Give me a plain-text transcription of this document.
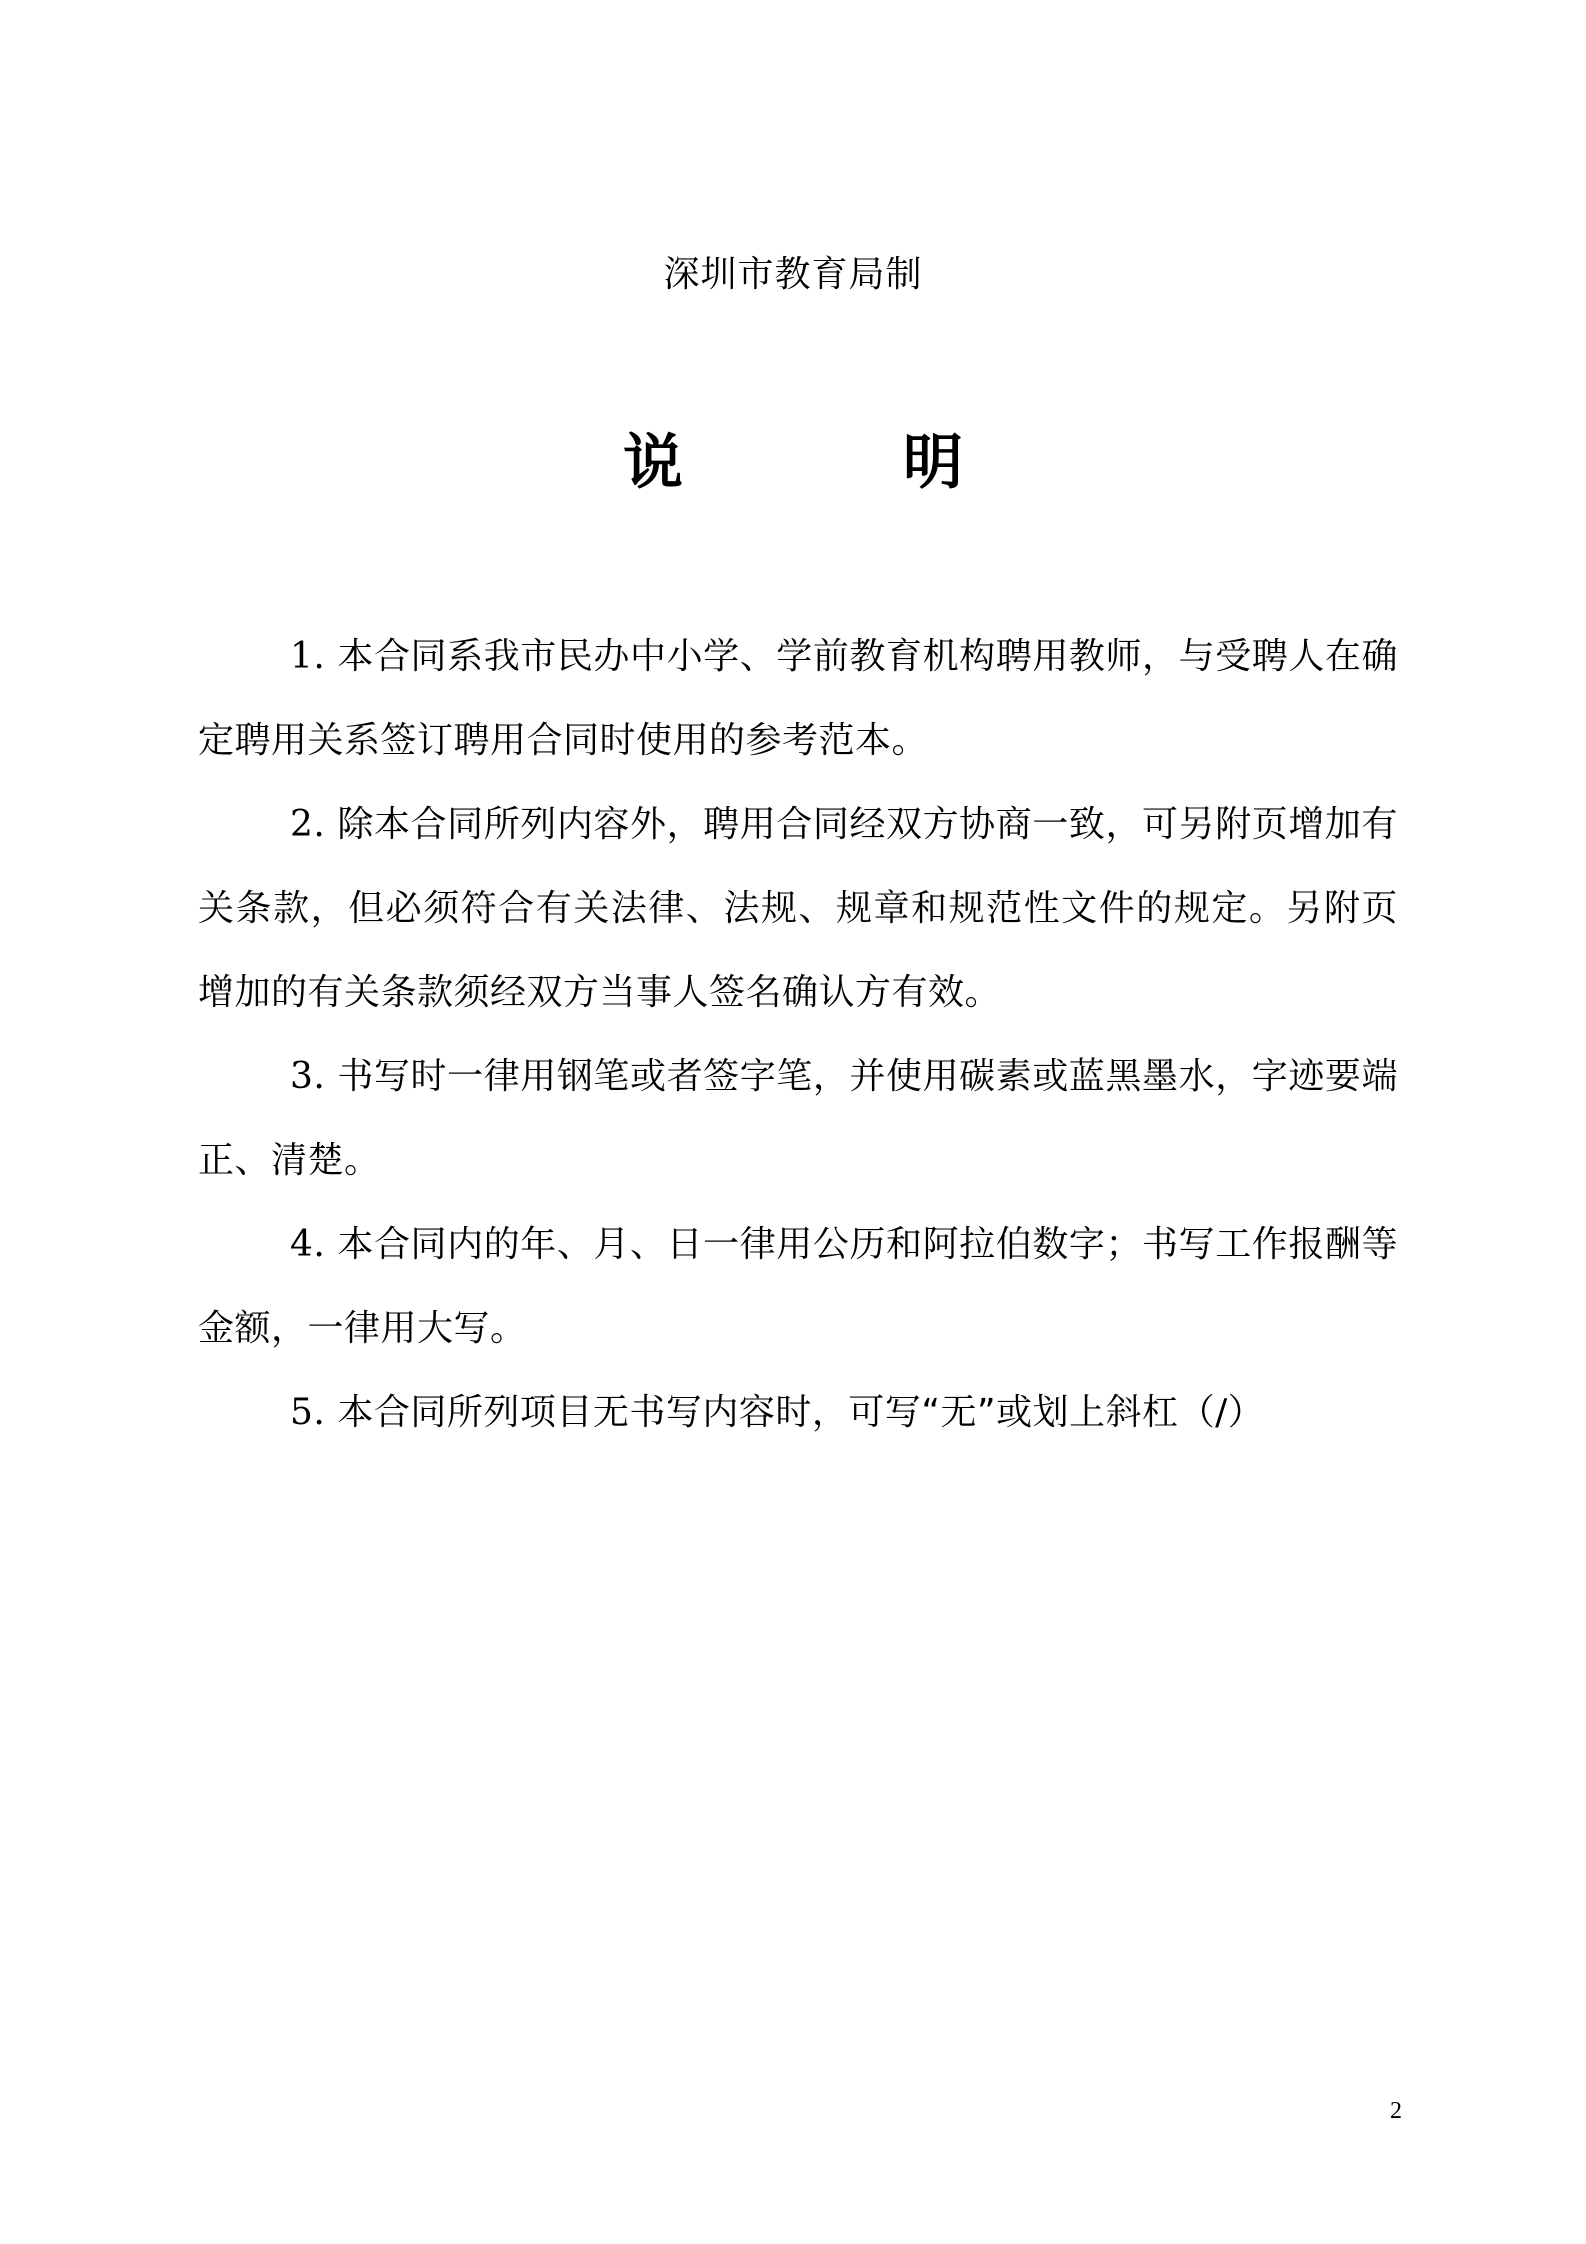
深圳市教育局制
说　明

1. 本合同系我市民办中小学、学前教育机构聘用教师，与受聘人在确定聘用关系签订聘用合同时使用的参考范本。

2. 除本合同所列内容外，聘用合同经双方协商一致，可另附页增加有关条款，但必须符合有关法律、法规、规章和规范性文件的规定。另附页增加的有关条款须经双方当事人签名确认方有效。

3. 书写时一律用钢笔或者签字笔，并使用碳素或蓝黑墨水，字迹要端正、清楚。

4. 本合同内的年、月、日一律用公历和阿拉伯数字；书写工作报酬等金额，一律用大写。

5. 本合同所列项目无书写内容时，可写“无”或划上斜杠（/）

2
